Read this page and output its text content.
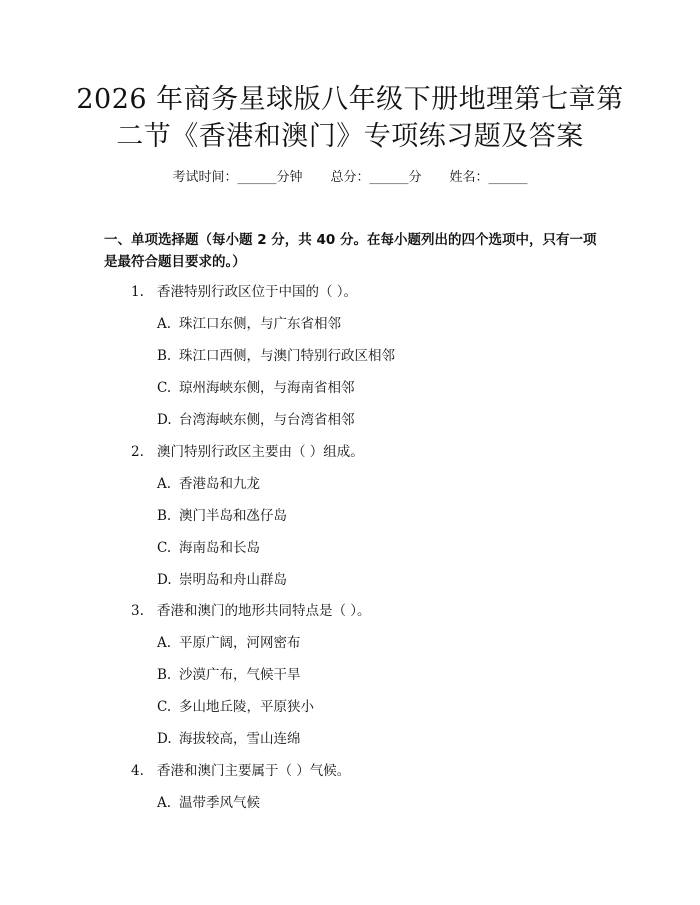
2026 年商务星球版八年级下册地理第七章第
二节《香港和澳门》专项练习题及答案
考试时间：______分钟 总分：______分 姓名：______
一、单项选择题（每小题 2 分，共 40 分。在每小题列出的四个选项中，只有一项
是最符合题目要求的。）
1. 香港特别行政区位于中国的（ ）。
A. 珠江口东侧，与广东省相邻
B. 珠江口西侧，与澳门特别行政区相邻
C. 琼州海峡东侧，与海南省相邻
D. 台湾海峡东侧，与台湾省相邻
2. 澳门特别行政区主要由（ ）组成。
A. 香港岛和九龙
B. 澳门半岛和氹仔岛
C. 海南岛和长岛
D. 崇明岛和舟山群岛
3. 香港和澳门的地形共同特点是（ ）。
A. 平原广阔，河网密布
B. 沙漠广布，气候干旱
C. 多山地丘陵，平原狭小
D. 海拔较高，雪山连绵
4. 香港和澳门主要属于（ ）气候。
A. 温带季风气候
